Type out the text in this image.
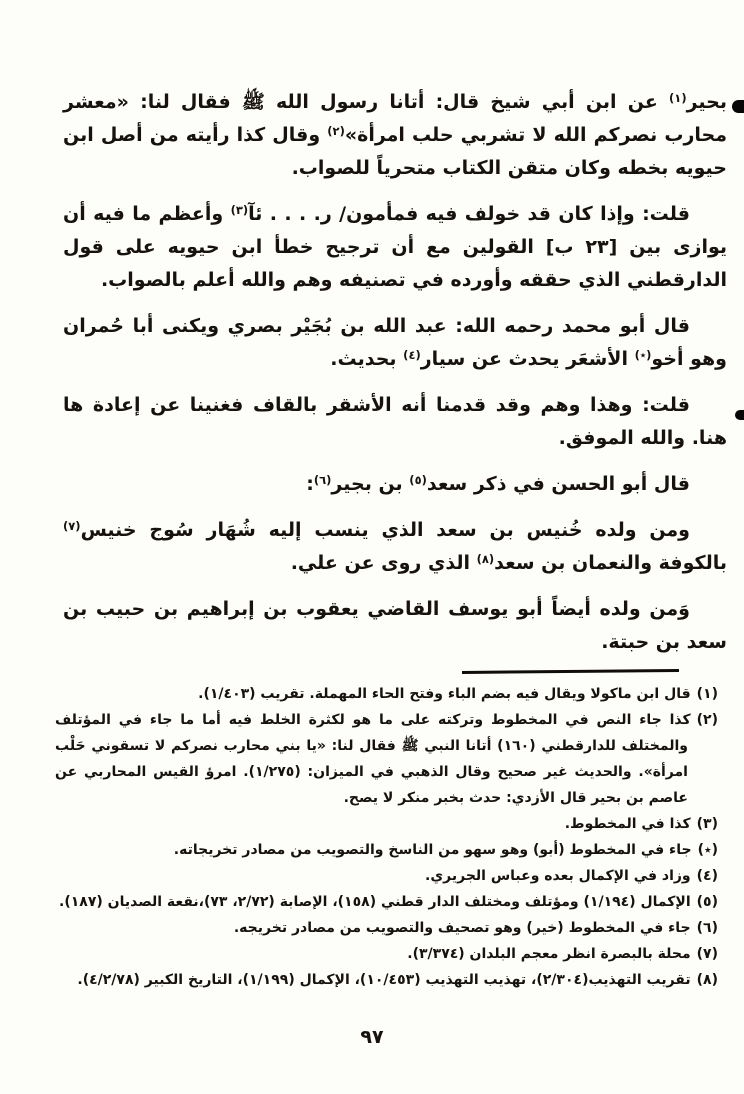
بحير$^{(١)}$ عن ابن أبي شيخ قال: أتانا رسول الله ﷺ فقال لنا: «معشر محارب نصركم الله لا تشربي حلب امرأة»$^{(٢)}$ وقال كذا رأيته من أصل ابن حيويه بخطه وكان متقن الكتاب متحرياً للصواب.

قلت: وإذا كان قد خولف فيه فمأمون/ ر. . . . ئآ$^{(٣)}$ وأعظم ما فيه أن يوازى بين [٢٣ ب] القولين مع أن ترجيح خطأ ابن حيويه على قول الدارقطني الذي حققه وأورده في تصنيفه وهم والله أعلم بالصواب.

قال أبو محمد رحمه الله: عبد الله بن بُجَيْر بصري ويكنى أبا حُمران وهو أخو(٭) الأشعَر يحدث عن سيار$^{(٤)}$ بحديث.

قلت: وهذا وهم وقد قدمنا أنه الأشقر بالقاف فغنينا عن إعادة ها هنا. والله الموفق.

قال أبو الحسن في ذكر سعد$^{(٥)}$ بن بجير$^{(٦)}$:

ومن ولده خُنيس بن سعد الذي ينسب إليه شُهَار سُوج خنيس$^{(٧)}$ بالكوفة والنعمان بن سعد$^{(٨)}$ الذي روى عن علي.

وَمن ولده أيضاً أبو يوسف القاضي يعقوب بن إبراهيم بن حبيب بن سعد بن حبتة.

(١)قال ابن ماكولا ويقال فيه بضم الباء وفتح الحاء المهملة. تقريب (١/٤٠٣).

(٢)كذا جاء النص في المخطوط وتركته على ما هو لكثرة الخلط فيه أما ما جاء في المؤتلف والمختلف للدارقطني (١٦٠) أتانا النبي ﷺ فقال لنا: «يا بني محارب نصركم لا تسقوني حَلْب امرأة». والحديث غير صحيح وقال الذهبي في الميزان: (١/٢٧٥). امرؤ القيس المحاربي عن عاصم بن بحير قال الأزدي: حدث بخبر منكر لا يصح.

(٣)كذا في المخطوط.

(٭)جاء في المخطوط (أبو) وهو سهو من الناسخ والتصويب من مصادر تخريجاته.

(٤)وزاد في الإكمال بعده وعباس الجريري.

(٥)الإكمال (١/١٩٤) ومؤتلف ومختلف الدار قطني (١٥٨)، الإصابة (٢/٧٢، ٧٣)،نقعة الصديان (١٨٧).

(٦)جاء في المخطوط (خير) وهو تصحيف والتصويب من مصادر تخريجه.

(٧)محلة بالبصرة انظر معجم البلدان (٣/٣٧٤).

(٨)تقريب التهذيب(٢/٣٠٤)، تهذيب التهذيب (١٠/٤٥٣)، الإكمال (١/١٩٩)، التاريخ الكبير (٤/٢/٧٨).

٩٧
